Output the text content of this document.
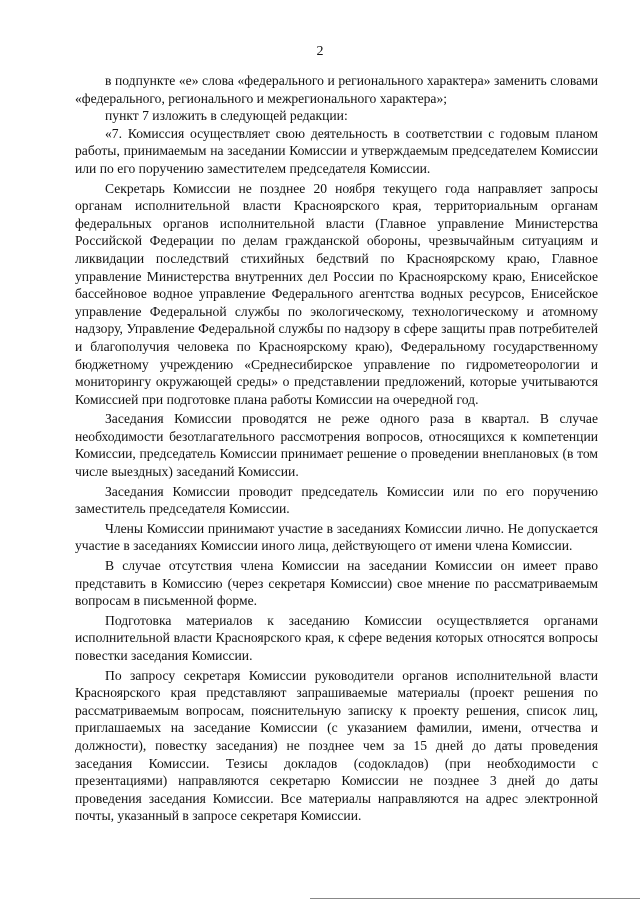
2

в подпункте «е» слова «федерального и регионального характера» заменить словами «федерального, регионального и межрегионального характера»;

пункт 7 изложить в следующей редакции:

«7. Комиссия осуществляет свою деятельность в соответствии с годовым планом работы, принимаемым на заседании Комиссии и утверждаемым председателем Комиссии или по его поручению заместителем председателя Комиссии.

Секретарь Комиссии не позднее 20 ноября текущего года направляет запросы органам исполнительной власти Красноярского края, территориальным органам федеральных органов исполнительной власти (Главное управление Министерства Российской Федерации по делам гражданской обороны, чрезвычайным ситуациям и ликвидации последствий стихийных бедствий по Красноярскому краю, Главное управление Министерства внутренних дел России по Красноярскому краю, Енисейское бассейновое водное управление Федерального агентства водных ресурсов, Енисейское управление Федеральной службы по экологическому, технологическому и атомному надзору, Управление Федеральной службы по надзору в сфере защиты прав потребителей и благополучия человека по Красноярскому краю), Федеральному государственному бюджетному учреждению «Среднесибирское управление по гидрометеорологии и мониторингу окружающей среды» о представлении предложений, которые учитываются Комиссией при подготовке плана работы Комиссии на очередной год.

Заседания Комиссии проводятся не реже одного раза в квартал. В случае необходимости безотлагательного рассмотрения вопросов, относящихся к компетенции Комиссии, председатель Комиссии принимает решение о проведении внеплановых (в том числе выездных) заседаний Комиссии.

Заседания Комиссии проводит председатель Комиссии или по его поручению заместитель председателя Комиссии.

Члены Комиссии принимают участие в заседаниях Комиссии лично. Не допускается участие в заседаниях Комиссии иного лица, действующего от имени члена Комиссии.

В случае отсутствия члена Комиссии на заседании Комиссии он имеет право представить в Комиссию (через секретаря Комиссии) свое мнение по рассматриваемым вопросам в письменной форме.

Подготовка материалов к заседанию Комиссии осуществляется органами исполнительной власти Красноярского края, к сфере ведения которых относятся вопросы повестки заседания Комиссии.

По запросу секретаря Комиссии руководители органов исполнительной власти Красноярского края представляют запрашиваемые материалы (проект решения по рассматриваемым вопросам, пояснительную записку к проекту решения, список лиц, приглашаемых на заседание Комиссии (с указанием фамилии, имени, отчества и должности), повестку заседания) не позднее чем за 15 дней до даты проведения заседания Комиссии. Тезисы докладов (содокладов) (при необходимости с презентациями) направляются секретарю Комиссии не позднее 3 дней до даты проведения заседания Комиссии. Все материалы направляются на адрес электронной почты, указанный в запросе секретаря Комиссии.
